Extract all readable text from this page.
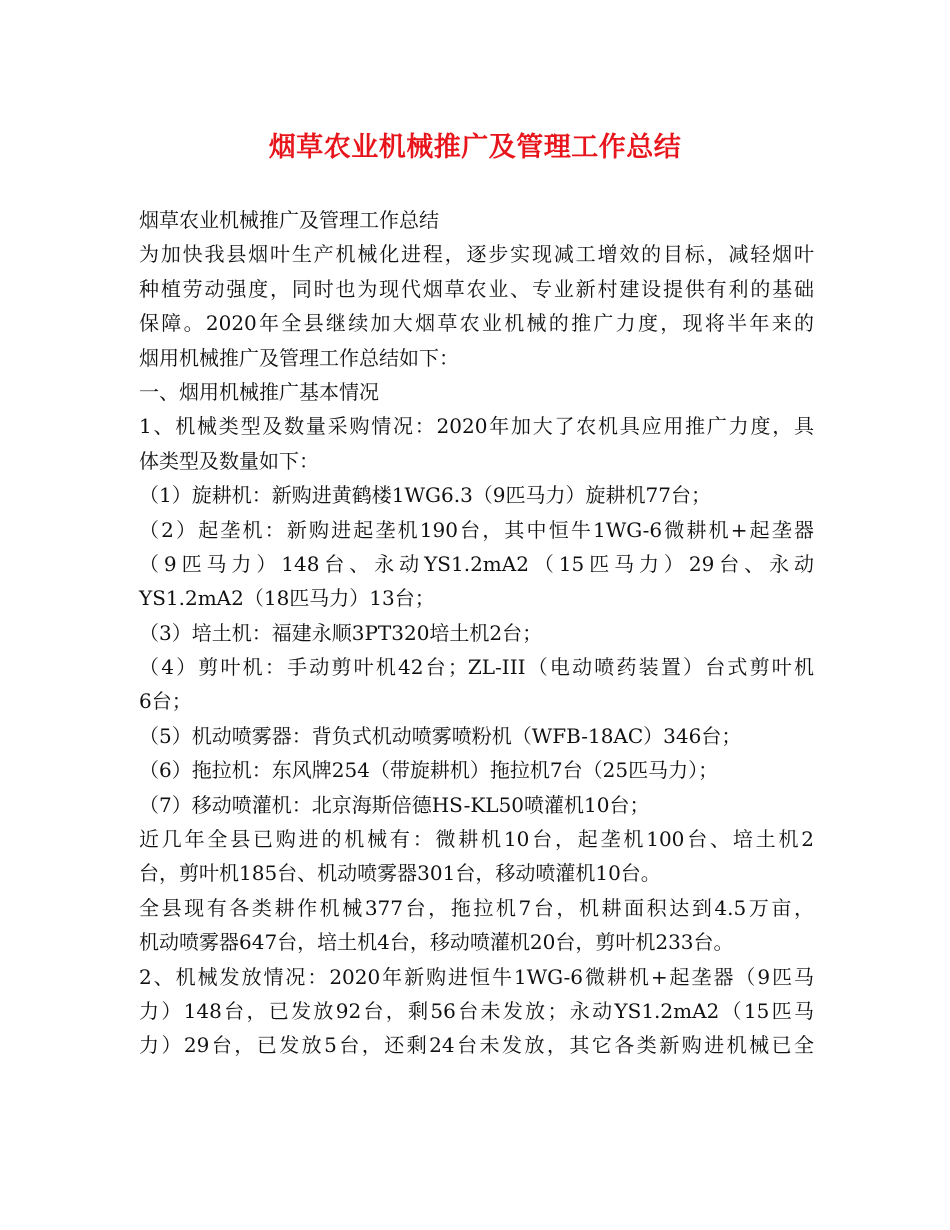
烟草农业机械推广及管理工作总结
烟草农业机械推广及管理工作总结
为加快我县烟叶生产机械化进程，逐步实现减工增效的目标，减轻烟叶
种植劳动强度，同时也为现代烟草农业、专业新村建设提供有利的基础
保障。2020年全县继续加大烟草农业机械的推广力度，现将半年来的
烟用机械推广及管理工作总结如下：
一、烟用机械推广基本情况
1、机械类型及数量采购情况：2020年加大了农机具应用推广力度，具
体类型及数量如下：
（1）旋耕机：新购进黄鹤楼1WG6.3（9匹马力）旋耕机77台；
（2）起垄机：新购进起垄机190台，其中恒牛1WG-6微耕机+起垄器
（9匹马力）148台、永动YS1.2mA2（15匹马力）29台、永动
YS1.2mA2（18匹马力）13台；
（3）培土机：福建永顺3PT320培土机2台；
（4）剪叶机：手动剪叶机42台；ZL-III（电动喷药装置）台式剪叶机
6台；
（5）机动喷雾器：背负式机动喷雾喷粉机（WFB-18AC）346台；
（6）拖拉机：东风牌254（带旋耕机）拖拉机7台（25匹马力）；
（7）移动喷灌机：北京海斯倍德HS-KL50喷灌机10台；
近几年全县已购进的机械有：微耕机10台，起垄机100台、培土机2
台，剪叶机185台、机动喷雾器301台，移动喷灌机10台。
全县现有各类耕作机械377台，拖拉机7台，机耕面积达到4.5万亩，
机动喷雾器647台，培土机4台，移动喷灌机20台，剪叶机233台。
2、机械发放情况：2020年新购进恒牛1WG-6微耕机+起垄器（9匹马
力）148台，已发放92台，剩56台未发放；永动YS1.2mA2（15匹马
力）29台，已发放5台，还剩24台未发放，其它各类新购进机械已全
